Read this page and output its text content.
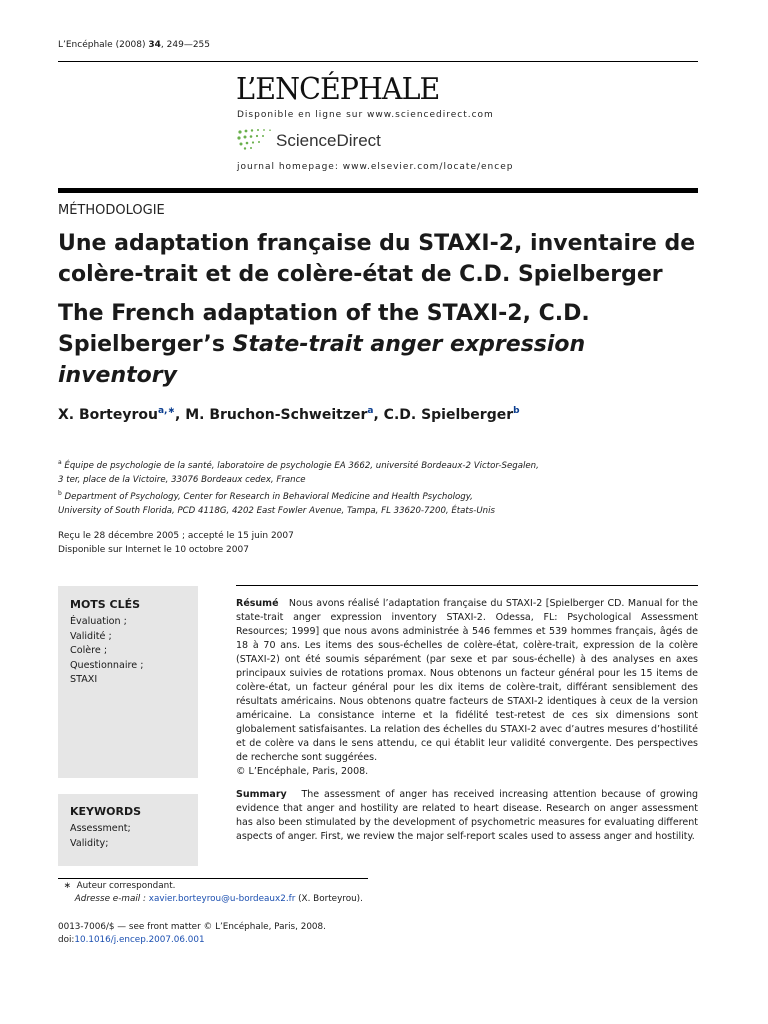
L’Encéphale (2008) 34, 249—255
L’ENCÉPHALE
Disponible en ligne sur www.sciencedirect.com
ScienceDirect
journal homepage: www.elsevier.com/locate/encep
MÉTHODOLOGIE
Une adaptation française du STAXI-2, inventaire de colère-trait et de colère-état de C.D. Spielberger
The French adaptation of the STAXI-2, C.D. Spielberger’s State-trait anger expression inventory
X. Borteyrou$^{a,∗}$, M. Bruchon-Schweitzer$^a$, C.D. Spielberger$^b$
$^a$ Équipe de psychologie de la santé, laboratoire de psychologie EA 3662, université Bordeaux-2 Victor-Segalen,
3 ter, place de la Victoire, 33076 Bordeaux cedex, France
$^b$ Department of Psychology, Center for Research in Behavioral Medicine and Health Psychology,
University of South Florida, PCD 4118G, 4202 East Fowler Avenue, Tampa, FL 33620-7200, États-Unis
Reçu le 28 décembre 2005 ; accepté le 15 juin 2007
Disponible sur Internet le 10 octobre 2007
MOTS CLÉS
Évaluation ;
Validité ;
Colère ;
Questionnaire ;
STAXI
KEYWORDS
Assessment;
Validity;
Résumé Nous avons réalisé l’adaptation française du STAXI-2 [Spielberger CD. Manual for the state-trait anger expression inventory STAXI-2. Odessa, FL: Psychological Assessment Resources; 1999] que nous avons administrée à 546 femmes et 539 hommes français, âgés de 18 à 70 ans. Les items des sous-échelles de colère-état, colère-trait, expression de la colère (STAXI-2) ont été soumis séparément (par sexe et par sous-échelle) à des analyses en axes principaux suivies de rotations promax. Nous obtenons un facteur général pour les 15 items de colère-état, un facteur général pour les dix items de colère-trait, différant sensiblement des résultats américains. Nous obtenons quatre facteurs de STAXI-2 identiques à ceux de la version américaine. La consistance interne et la fidélité test-retest de ces six dimensions sont globalement satisfaisantes. La relation des échelles du STAXI-2 avec d’autres mesures d’hostilité et de colère va dans le sens attendu, ce qui établit leur validité convergente. Des perspectives de recherche sont suggérées.
© L’Encéphale, Paris, 2008.
Summary The assessment of anger has received increasing attention because of growing evidence that anger and hostility are related to heart disease. Research on anger assessment has also been stimulated by the development of psychometric measures for evaluating different aspects of anger. First, we review the major self-report scales used to assess anger and hostility.
∗ Auteur correspondant.
Adresse e-mail : xavier.borteyrou@u-bordeaux2.fr (X. Borteyrou).
0013-7006/$ — see front matter © L’Encéphale, Paris, 2008.
doi:10.1016/j.encep.2007.06.001
